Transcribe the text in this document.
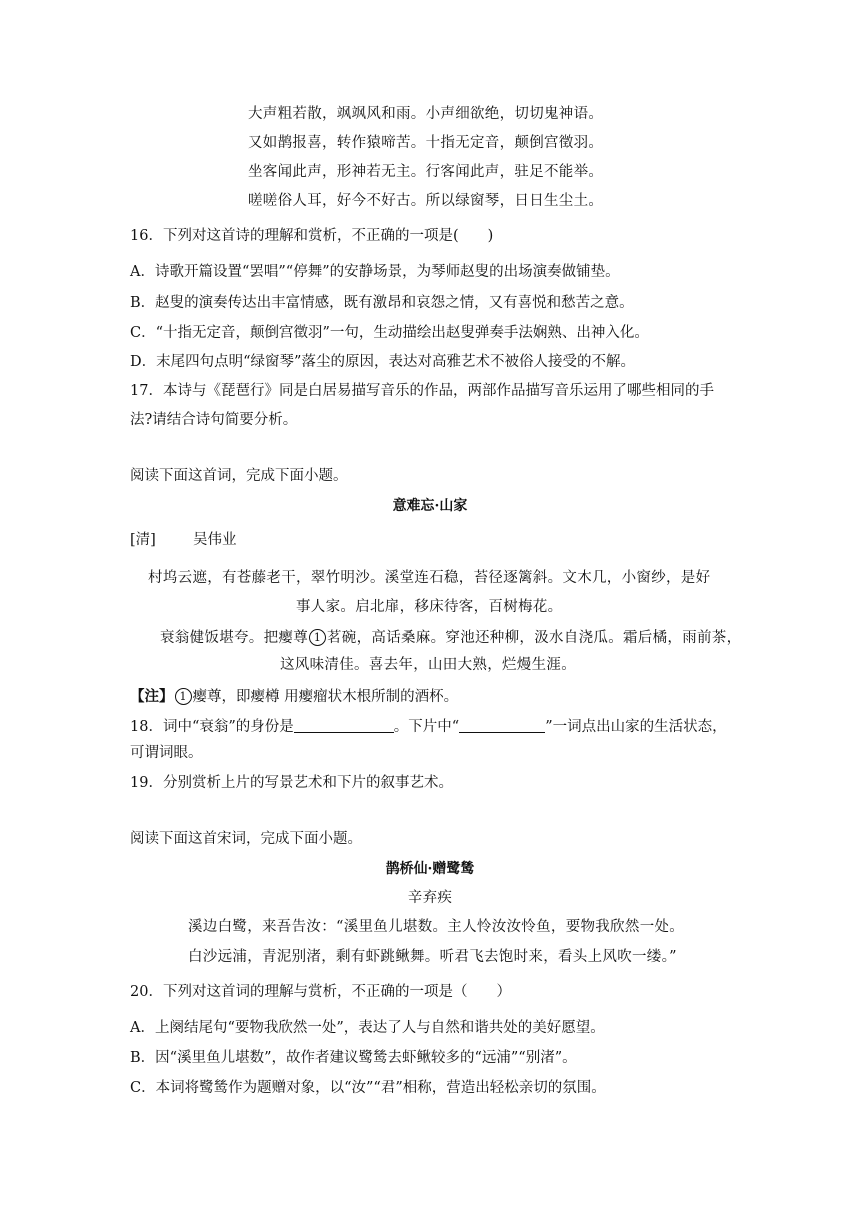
大声粗若散，飒飒风和雨。小声细欲绝，切切鬼神语。
又如鹊报喜，转作猿啼苦。十指无定音，颠倒宫徵羽。
坐客闻此声，形神若无主。行客闻此声，驻足不能举。
嗟嗟俗人耳，好今不好古。所以绿窗琴，日日生尘土。
16．下列对这首诗的理解和赏析，不正确的一项是(　　)
A．诗歌开篇设置“罢唱”“停舞”的安静场景，为琴师赵叟的出场演奏做铺垫。
B．赵叟的演奏传达出丰富情感，既有激昂和哀怨之情，又有喜悦和愁苦之意。
C．“十指无定音，颠倒宫徵羽”一句，生动描绘出赵叟弹奏手法娴熟、出神入化。
D．末尾四句点明“绿窗琴”落尘的原因，表达对高雅艺术不被俗人接受的不解。
17．本诗与《琵琶行》同是白居易描写音乐的作品，两部作品描写音乐运用了哪些相同的手
法?请结合诗句简要分析。
阅读下面这首词，完成下面小题。
意难忘·山家
[清]	吴伟业
村坞云遮，有苍藤老干，翠竹明沙。溪堂连石稳，苔径逐篱斜。文木几，小窗纱，是好
事人家。启北扉，移床待客，百树梅花。
衰翁健饭堪夸。把瘿尊 1 茗碗，高话桑麻。穿池还种柳，汲水自浇瓜。霜后橘，雨前茶，
这风味清佳。喜去年，山田大熟，烂熳生涯。
【注】 1 瘿尊，即瘿樽 用瘿瘤状木根所制的酒杯。
18．词中“衰翁”的身份是	。下片中“	”一词点出山家的生活状态，
可谓词眼。
19．分别赏析上片的写景艺术和下片的叙事艺术。
阅读下面这首宋词，完成下面小题。
鹊桥仙·赠鹭鸶
辛弃疾
溪边白鹭，来吾告汝：“溪里鱼儿堪数。主人怜汝汝怜鱼，要物我欣然一处。
白沙远浦，青泥别渚，剩有虾跳鳅舞。听君飞去饱时来，看头上风吹一缕。”
20．下列对这首词的理解与赏析，不正确的一项是（　　）
A．上阕结尾句“要物我欣然一处”，表达了人与自然和谐共处的美好愿望。
B．因“溪里鱼儿堪数”，故作者建议鹭鸶去虾鳅较多的“远浦”“别渚”。
C．本词将鹭鸶作为题赠对象，以“汝”“君”相称，营造出轻松亲切的氛围。
